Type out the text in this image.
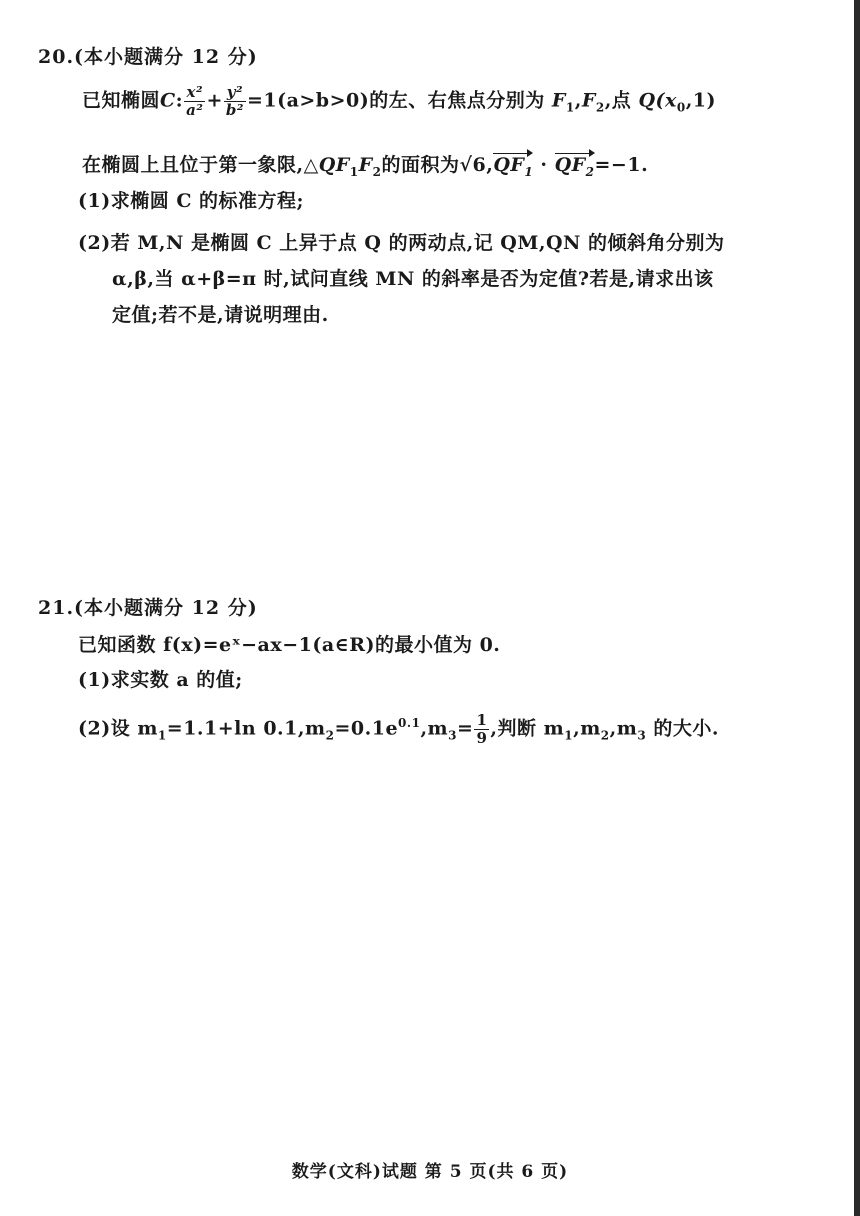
20.(本小题满分 12 分)
已知椭圆C: $\frac{\text{x²}}{\text{a²}} + \frac{\text{y²}}{\text{b²}} =1(a>b>0)$的左、右焦点分别为 $F_1,F_2$,点 $Q(x_0,1)$
在椭圆上且位于第一象限$,\triangle QF_1F_2$的面积为$√6,QF_1 \cdot QF_2=-1$.
(1)求椭圆 C 的标准方程;
(2)若 M,N 是椭圆 C 上异于点 Q 的两动点,记 QM,QN 的倾斜角分别为
α,β,当 α+β=π 时,试问直线 MN 的斜率是否为定值?若是,请求出该
定值;若不是,请说明理由.
21.(本小题满分 12 分)
已知函数 f(x)=eˣ−ax−1(a∈R)的最小值为 0.
(1)求实数 a 的值;
(2)设 $m_1=1.1+\ln$ $0.1,m_2=0.1e^{0.1},m_3= \frac{1}{9}$ ,判断 $m_1,m_2,m_3$ 的大小.
数学(文科)试题 第 5 页(共 6 页)
